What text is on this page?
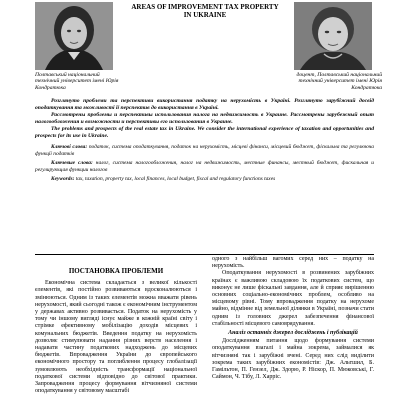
AREAS OF IMPROVEMENT TAX PROPERTY IN UKRAINE
Полтавський національний технічний університет імені Юрія Кондратюка
доцент, Полтавський національний технічний університет імені Юрія Кондратюка

Розглянуто проблеми та перспективи використання податку на нерухомість в Україні. Розглянуто зарубіжний досвід оподаткування та можливості її перспектив до використання в Україні.

Рассмотрены проблемы и перспективы использования налога на недвижимость в Украине. Рассмотрены зарубежный опыт налогообложения и возможности и перспективы его использования в Украине.

The problems and prospects of the real estate tax in Ukraine. We consider the international experience of taxation and opportunities and prospects for its use in Ukraine.

Ключові слова: податок, система оподаткування, податок на нерухомість, місцеві фінанси, місцевий бюджет, фіскальна та регулююча функції податків

Ключевые слова: налог, система налогообложения, налог на недвижимость, местные финансы, местный бюджет, фискальная и регулирующая функции налогов

Keywords: tax, taxation, property tax, local finances, local budget, fiscal and regulatory functions taxes

ПОСТАНОВКА ПРОБЛЕМИ

Економічна система складається з великої кількості елементів, які постійно розвиваються вдосконалюються і змінюються. Одним із таких елементів можна вважати рівень нерухомості, який сьогодні також є економічним інструментом у державах активно розвивається. Податок на нерухомість у тому чи іншому вигляді існує майже в кожній країні світу і стрімке ефективному мобілізацію доходів місцевих і комунальних бюджетів. Введення податку на нерухомість дозволяє стимулювати надання різних верств населення і надавати частину податкових надходжень до місцевих бюджетів. Впровадження України до європейського економічного простору та поглиблення процесу глобалізації зумовлюють необхідність трансформації національної податкової системи відповідно до світової практики. Запровадження процесу формування вітчизняної системи оподаткування у світовому масштабі

одного з найбільш вагомих серед них – податку на нерухомість.

Оподаткування нерухомості в розвинених зарубіжних країнах є важливою складовою їх податкових систем, що виконує не лише фіскальні завдання, але й сприяє вирішенню основних соціально-економічних проблем, особливо на місцевому рівні. Тому впровадження податку на нерухоме майно, відмінне від земельної ділянки в Україні, позначи стати одним із головних джерел забезпечення фінансової стабільності місцевого самоврядування.

Аналіз останніх джерел досліджень і публікацій

Дослідженням питання щодо формування системи оподаткування взагалі і майна зокрема, займалися як вітчизняні так і зарубіжні вчені. Серед них слід виділити зокрема таких зарубіжних економістів: Дж. Альтшил, Б. Гамільтон, П. Гензел, Дж. Здорю, Р. Ніскор, П. Мюковські, Г. Саймон, Ч. Тібу, Л. Харріс.
